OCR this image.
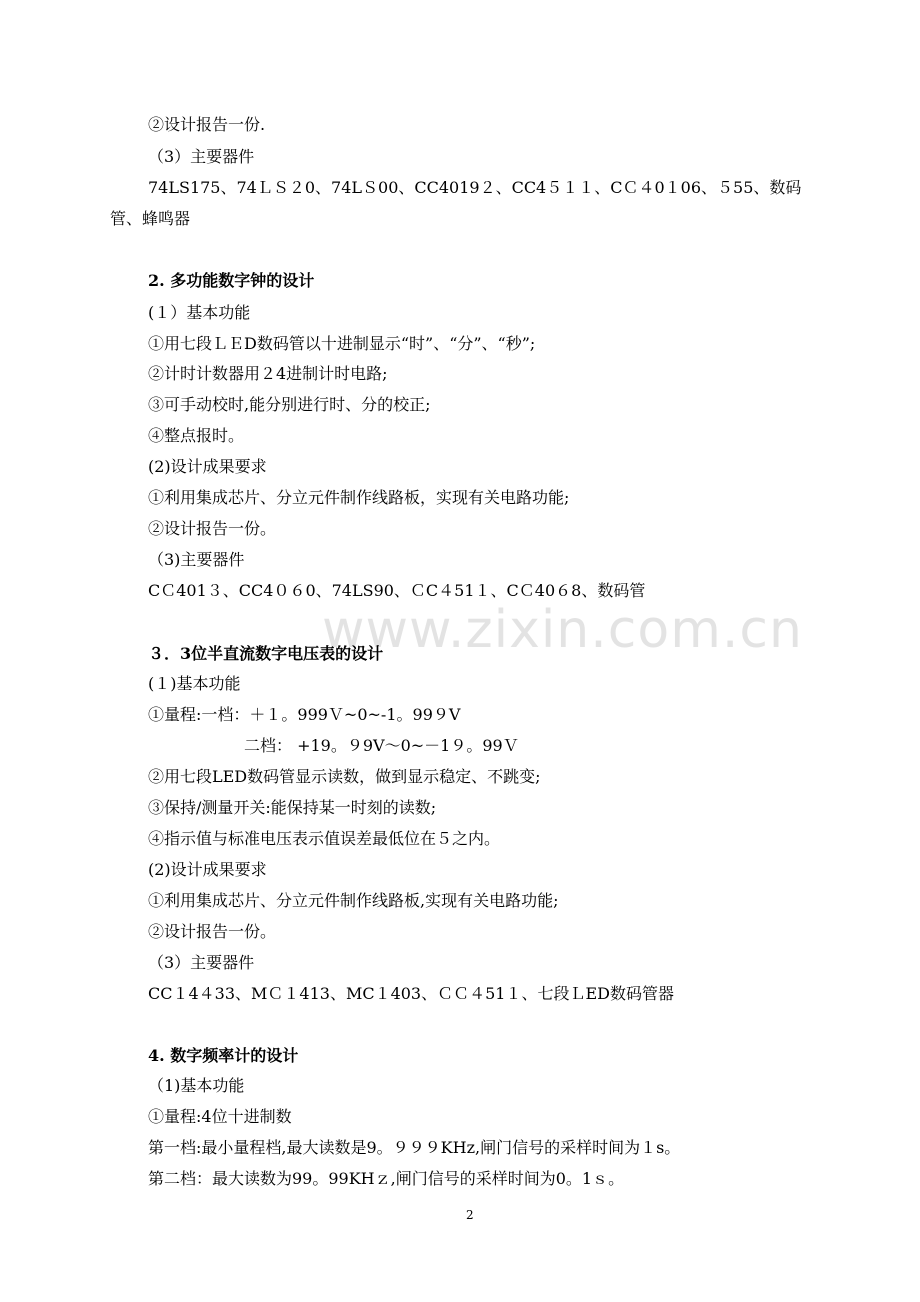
www.zixin.com.cn
②设计报告一份.
（3）主要器件
74LS175、74ＬＳ２0、74LＳ00、CC4019２、CC4５１１、CＣ４0１06、５55、数码
管、蜂鸣器
2. 多功能数字钟的设计
(１）基本功能
①用七段ＬＥD数码管以十进制显示“时”、“分”、“秒”;
②计时计数器用２4进制计时电路;
③可手动校时,能分别进行时、分的校正;
④整点报时。
(2)设计成果要求
①利用集成芯片、分立元件制作线路板，实现有关电路功能;
②设计报告一份。
（3)主要器件
CＣ401３、CC4０６0、74LS90、ＣC４51１、CＣ40６8、数码管
３．3位半直流数字电压表的设计
(１)基本功能
①量程:一档：＋１。999Ｖ~0~-1。99９V
二档： +19。９9V～0~－1９。99Ｖ
②用七段LED数码管显示读数，做到显示稳定、不跳变;
③保持/测量开关:能保持某一时刻的读数;
④指示值与标准电压表示值误差最低位在５之内。
(2)设计成果要求
①利用集成芯片、分立元件制作线路板,实现有关电路功能;
②设计报告一份。
（3）主要器件
CC１4４33、MＣ１413、MC１403、ＣＣ４51１、七段ＬED数码管器
4. 数字频率计的设计
（1)基本功能
①量程:4位十进制数
第一档:最小量程档,最大读数是9。９９９KHz,闸门信号的采样时间为１s。
第二档：最大读数为99。99KHｚ,闸门信号的采样时间为0。1ｓ。
2
